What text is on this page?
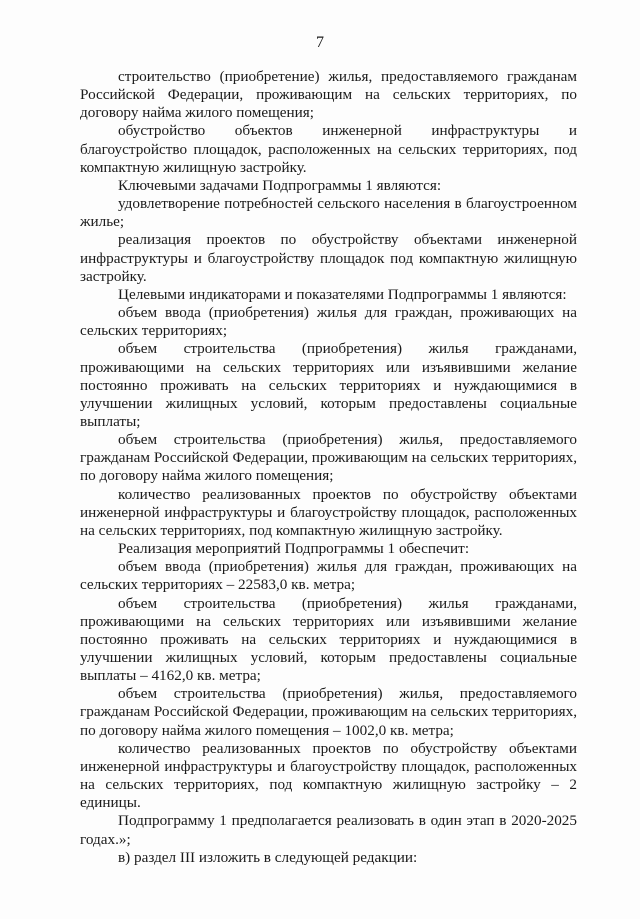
7

строительство (приобретение) жилья, предоставляемого гражданам Российской Федерации, проживающим на сельских территориях, по договору найма жилого помещения;

обустройство объектов инженерной инфраструктуры и благоустройство площадок, расположенных на сельских территориях, под компактную жилищную застройку.

Ключевыми задачами Подпрограммы 1 являются:

удовлетворение потребностей сельского населения в благоустроенном жилье;

реализация проектов по обустройству объектами инженерной инфраструктуры и благоустройству площадок под компактную жилищную застройку.

Целевыми индикаторами и показателями Подпрограммы 1 являются:

объем ввода (приобретения) жилья для граждан, проживающих на сельских территориях;

объем строительства (приобретения) жилья гражданами, проживающими на сельских территориях или изъявившими желание постоянно проживать на сельских территориях и нуждающимися в улучшении жилищных условий, которым предоставлены социальные выплаты;

объем строительства (приобретения) жилья, предоставляемого гражданам Российской Федерации, проживающим на сельских территориях, по договору найма жилого помещения;

количество реализованных проектов по обустройству объектами инженерной инфраструктуры и благоустройству площадок, расположенных на сельских территориях, под компактную жилищную застройку.

Реализация мероприятий Подпрограммы 1 обеспечит:

объем ввода (приобретения) жилья для граждан, проживающих на сельских территориях – 22583,0 кв. метра;

объем строительства (приобретения) жилья гражданами, проживающими на сельских территориях или изъявившими желание постоянно проживать на сельских территориях и нуждающимися в улучшении жилищных условий, которым предоставлены социальные выплаты – 4162,0 кв. метра;

объем строительства (приобретения) жилья, предоставляемого гражданам Российской Федерации, проживающим на сельских территориях, по договору найма жилого помещения – 1002,0 кв. метра;

количество реализованных проектов по обустройству объектами инженерной инфраструктуры и благоустройству площадок, расположенных на сельских территориях, под компактную жилищную застройку – 2 единицы.

Подпрограмму 1 предполагается реализовать в один этап в 2020-2025 годах.»;

в) раздел III изложить в следующей редакции:
